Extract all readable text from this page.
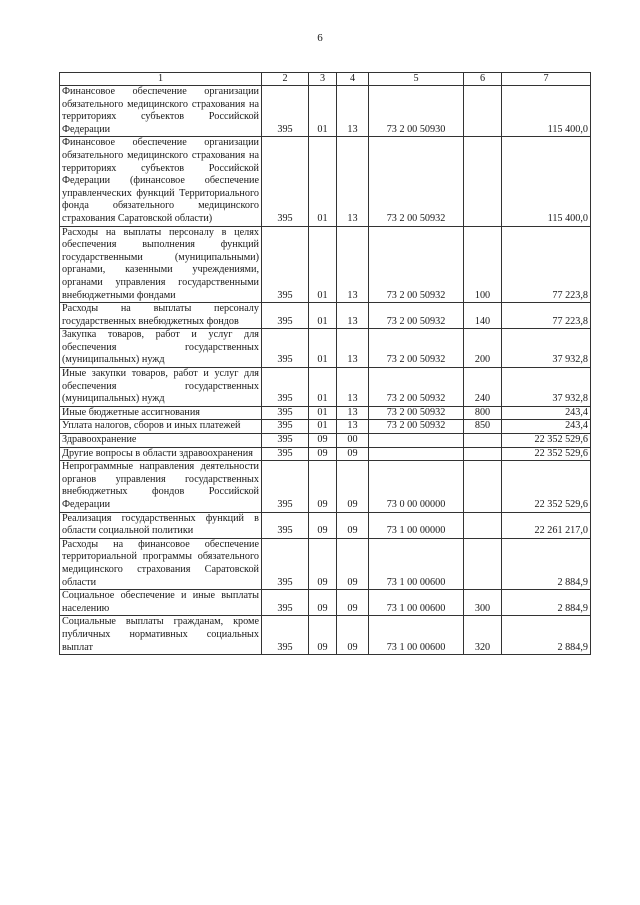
6
1	2	3	4	5	6	7
Финансовое обеспечение организации обязательного медицинского страхования на территориях субъектов Российской Федерации	395	01	13	73 2 00 50930		115 400,0
Финансовое обеспечение организации обязательного медицинского страхования на территориях субъектов Российской Федерации (финансовое обеспечение управленческих функций Территориального фонда обязательного медицинского страхования Саратовской области)	395	01	13	73 2 00 50932		115 400,0
Расходы на выплаты персоналу в целях обеспечения выполнения функций государственными (муниципальными) органами, казенными учреждениями, органами управления государственными внебюджетными фондами	395	01	13	73 2 00 50932	100	77 223,8
Расходы на выплаты персоналу государственных внебюджетных фондов	395	01	13	73 2 00 50932	140	77 223,8
Закупка товаров, работ и услуг для обеспечения государственных (муниципальных) нужд	395	01	13	73 2 00 50932	200	37 932,8
Иные закупки товаров, работ и услуг для обеспечения государственных (муниципальных) нужд	395	01	13	73 2 00 50932	240	37 932,8
Иные бюджетные ассигнования	395	01	13	73 2 00 50932	800	243,4
Уплата налогов, сборов и иных платежей	395	01	13	73 2 00 50932	850	243,4
Здравоохранение	395	09	00			22 352 529,6
Другие вопросы в области здравоохранения	395	09	09			22 352 529,6
Непрограммные направления деятельности органов управления государственных внебюджетных фондов Российской Федерации	395	09	09	73 0 00 00000		22 352 529,6
Реализация государственных функций в области социальной политики	395	09	09	73 1 00 00000		22 261 217,0
Расходы на финансовое обеспечение территориальной программы обязательного медицинского страхования Саратовской области	395	09	09	73 1 00 00600		2 884,9
Социальное обеспечение и иные выплаты населению	395	09	09	73 1 00 00600	300	2 884,9
Социальные выплаты гражданам, кроме публичных нормативных социальных выплат	395	09	09	73 1 00 00600	320	2 884,9
